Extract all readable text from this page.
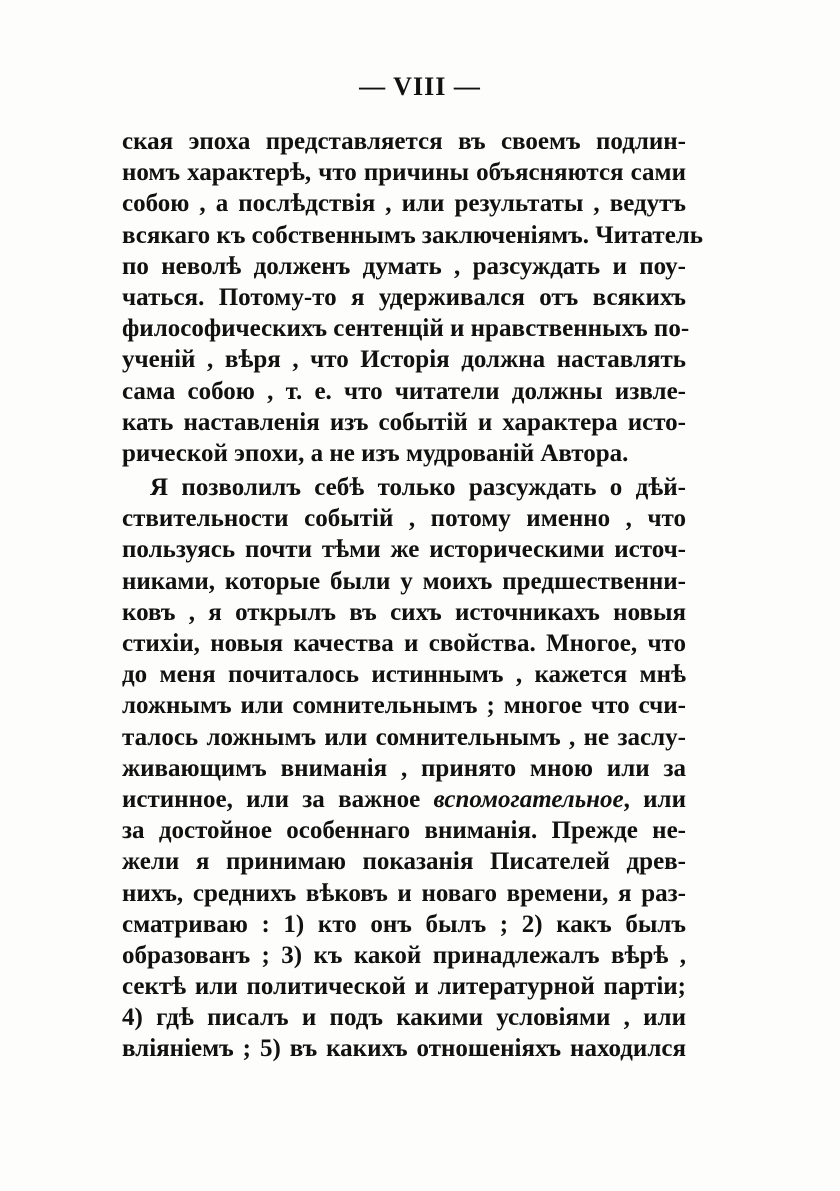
— VIII —
ская эпоха представляется въ своемъ подлин-
номъ характерѣ, что причины объясняются сами
собою , а послѣдствія , или результаты , ведутъ
всякаго къ собственнымъ заключеніямъ. Читатель
по неволѣ долженъ думать , разсуждать и поу-
чаться. Потому-то я удерживался отъ всякихъ
философическихъ сентенцій и нравственныхъ по-
ученій , вѣря , что Исторія должна наставлять
сама собою , т. е. что читатели должны извле-
кать наставленія изъ событій и характера исто-
рической эпохи, а не изъ мудрованій Автора.
Я позволилъ себѣ только разсуждать о дѣй-
ствительности событій , потому именно , что
пользуясь почти тѣми же историческими источ-
никами, которые были у моихъ предшественни-
ковъ , я открылъ въ сихъ источникахъ новыя
стихіи, новыя качества и свойства. Многое, что
до меня почиталось истиннымъ , кажется мнѣ
ложнымъ или сомнительнымъ ; многое что счи-
талось ложнымъ или сомнительнымъ , не заслу-
живающимъ вниманія , принято мною или за
истинное, или за важное вспомогательное, или
за достойное особеннаго вниманія. Прежде не-
жели я принимаю показанія Писателей древ-
нихъ, среднихъ вѣковъ и новаго времени, я раз-
сматриваю : 1) кто онъ былъ ; 2) какъ былъ
образованъ ; 3) къ какой принадлежалъ вѣрѣ ,
сектѣ или политической и литературной партіи;
4) гдѣ писалъ и подъ какими условіями , или
вліяніемъ ; 5) въ какихъ отношеніяхъ находился
